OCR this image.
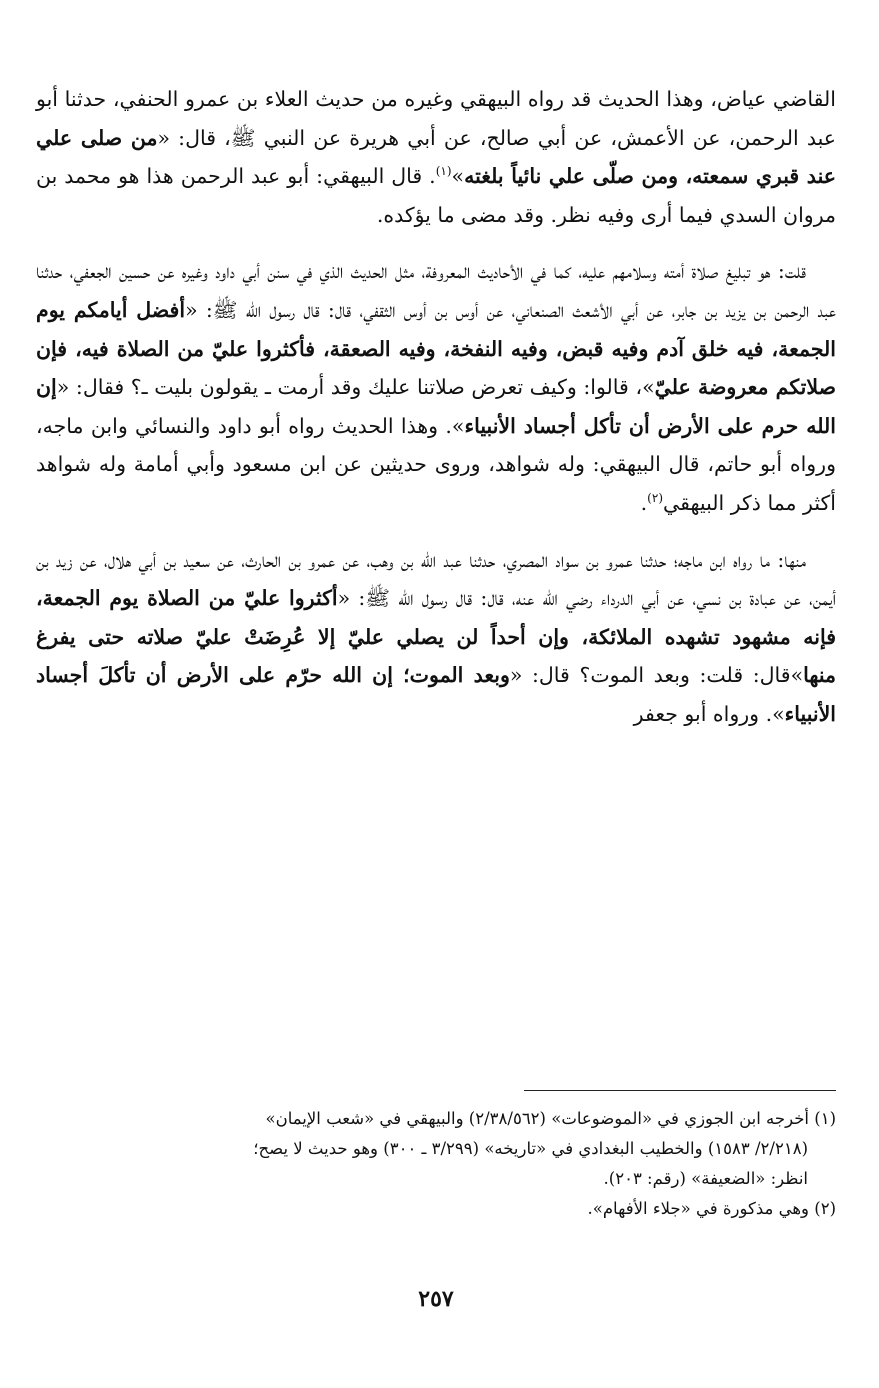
القاضي عياض، وهذا الحديث قد رواه البيهقي وغيره من حديث العلاء بن عمرو الحنفي، حدثنا أبو عبد الرحمن، عن الأعمش، عن أبي صالح، عن أبي هريرة عن النبي ﷺ، قال: «من صلى علي عند قبري سمعته، ومن صلّى علي نائياً بلغته»$^{(١)}$. قال البيهقي: أبو عبد الرحمن هذا هو محمد بن مروان السدي فيما أرى وفيه نظر. وقد مضى ما يؤكده.

قلت: هو تبليغ صلاة أمته وسلامهم عليه، كما في الأحاديث المعروفة، مثل الحديث الذي في سنن أبي داود وغيره عن حسين الجعفي، حدثنا عبد الرحمن بن يزيد بن جابر، عن أبي الأشعث الصنعاني، عن أوس بن أوس الثقفي، قال: قال رسول الله ﷺ: «أفضل أيامكم يوم الجمعة، فيه خلق آدم وفيه قبض، وفيه النفخة، وفيه الصعقة، فأكثروا عليّ من الصلاة فيه، فإن صلاتكم معروضة عليّ»، قالوا: وكيف تعرض صلاتنا عليك وقد أرمت ـ يقولون بليت ـ؟ فقال: «إن الله حرم على الأرض أن تأكل أجساد الأنبياء». وهذا الحديث رواه أبو داود والنسائي وابن ماجه، ورواه أبو حاتم، قال البيهقي: وله شواهد، وروى حديثين عن ابن مسعود وأبي أمامة وله شواهد أكثر مما ذكر البيهقي$^{(٢)}$.

منها: ما رواه ابن ماجه؛ حدثنا عمرو بن سواد المصري، حدثنا عبد الله بن وهب، عن عمرو بن الحارث، عن سعيد بن أبي هلال، عن زيد بن أيمن، عن عبادة بن نسي، عن أبي الدرداء رضي الله عنه، قال: قال رسول الله ﷺ: «أكثروا عليّ من الصلاة يوم الجمعة، فإنه مشهود تشهده الملائكة، وإن أحداً لن يصلي عليّ إلا عُرِضَتْ عليّ صلاته حتى يفرغ منها»قال: قلت: وبعد الموت؟ قال: «وبعد الموت؛ إن الله حرّم على الأرض أن تأكلَ أجساد الأنبياء». ورواه أبو جعفر

(١) أخرجه ابن الجوزي في «الموضوعات» (٢/٣٨/٥٦٢) والبيهقي في «شعب الإيمان»

(٢/٢١٨/ ١٥٨٣) والخطيب البغدادي في «تاريخه» (٣/٢٩٩ ـ ٣٠٠) وهو حديث لا يصح؛

انظر: «الضعيفة» (رقم: ٢٠٣).

(٢) وهي مذكورة في «جلاء الأفهام».

٢٥٧
